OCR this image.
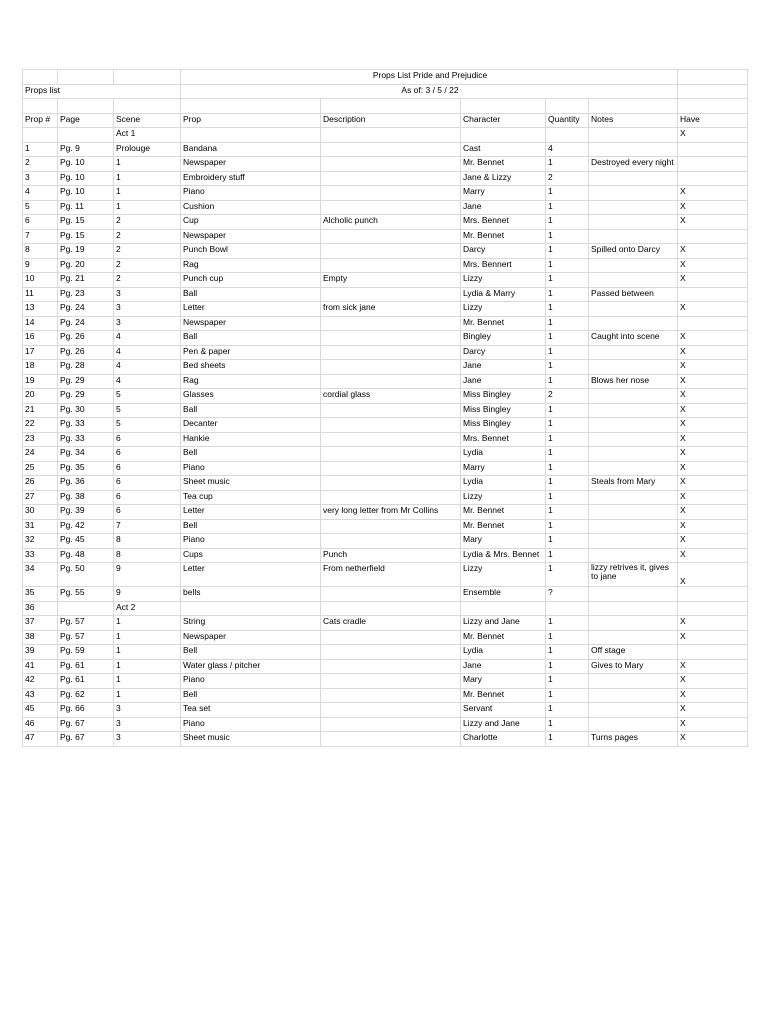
			Props List Pride and Prejudice					
Props list			As of: 3 / 5 / 22					

Prop #	Page	Scene	Prop	Description	Character	Quantity	Notes	Have
		Act 1						X
1	Pg. 9	Prolouge	Bandana		Cast	4		
2	Pg. 10	1	Newspaper		Mr. Bennet	1	Destroyed every night	
3	Pg. 10	1	Embroidery stuff		Jane & Lizzy	2		
4	Pg. 10	1	Piano		Marry	1		X
5	Pg. 11	1	Cushion		Jane	1		X
6	Pg. 15	2	Cup	Alcholic punch	Mrs. Bennet	1		X
7	Pg. 15	2	Newspaper		Mr. Bennet	1		
8	Pg. 19	2	Punch Bowl		Darcy	1	Spilled onto Darcy	X
9	Pg. 20	2	Rag		Mrs. Bennert	1		X
10	Pg. 21	2	Punch cup	Empty	Lizzy	1		X
11	Pg. 23	3	Ball		Lydia & Marry	1	Passed between	
13	Pg. 24	3	Letter	from sick jane	Lizzy	1		X
14	Pg. 24	3	Newspaper		Mr. Bennet	1		
16	Pg. 26	4	Ball		Bingley	1	Caught into scene	X
17	Pg. 26	4	Pen & paper		Darcy	1		X
18	Pg. 28	4	Bed sheets		Jane	1		X
19	Pg. 29	4	Rag		Jane	1	Blows her nose	X
20	Pg. 29	5	Glasses	cordial glass	Miss Bingley	2		X
21	Pg. 30	5	Ball		Miss Bingley	1		X
22	Pg. 33	5	Decanter		Miss Bingley	1		X
23	Pg. 33	6	Hankie		Mrs. Bennet	1		X
24	Pg. 34	6	Bell		Lydia	1		X
25	Pg. 35	6	Piano		Marry	1		X
26	Pg. 36	6	Sheet music		Lydia	1	Steals from Mary	X
27	Pg. 38	6	Tea cup		Lizzy	1		X
30	Pg. 39	6	Letter	very long letter from Mr Collins	Mr. Bennet	1		X
31	Pg. 42	7	Bell		Mr. Bennet	1		X
32	Pg. 45	8	Piano		Mary	1		X
33	Pg. 48	8	Cups	Punch	Lydia & Mrs. Bennet	1		X
34	Pg. 50	9	Letter	From netherfield	Lizzy	1	lizzy retrives it, gives to jane	X
35	Pg. 55	9	bells		Ensemble	?		
36		Act 2						
37	Pg. 57	1	String	Cats cradle	Lizzy and Jane	1		X
38	Pg. 57	1	Newspaper		Mr. Bennet	1		X
39	Pg. 59	1	Bell		Lydia	1	Off stage	
41	Pg. 61	1	Water glass / pitcher		Jane	1	Gives to Mary	X
42	Pg. 61	1	Piano		Mary	1		X
43	Pg. 62	1	Bell		Mr. Bennet	1		X
45	Pg. 66	3	Tea set		Servant	1		X
46	Pg. 67	3	Piano		Lizzy and Jane	1		X
47	Pg. 67	3	Sheet music		Charlotte	1	Turns pages	X
